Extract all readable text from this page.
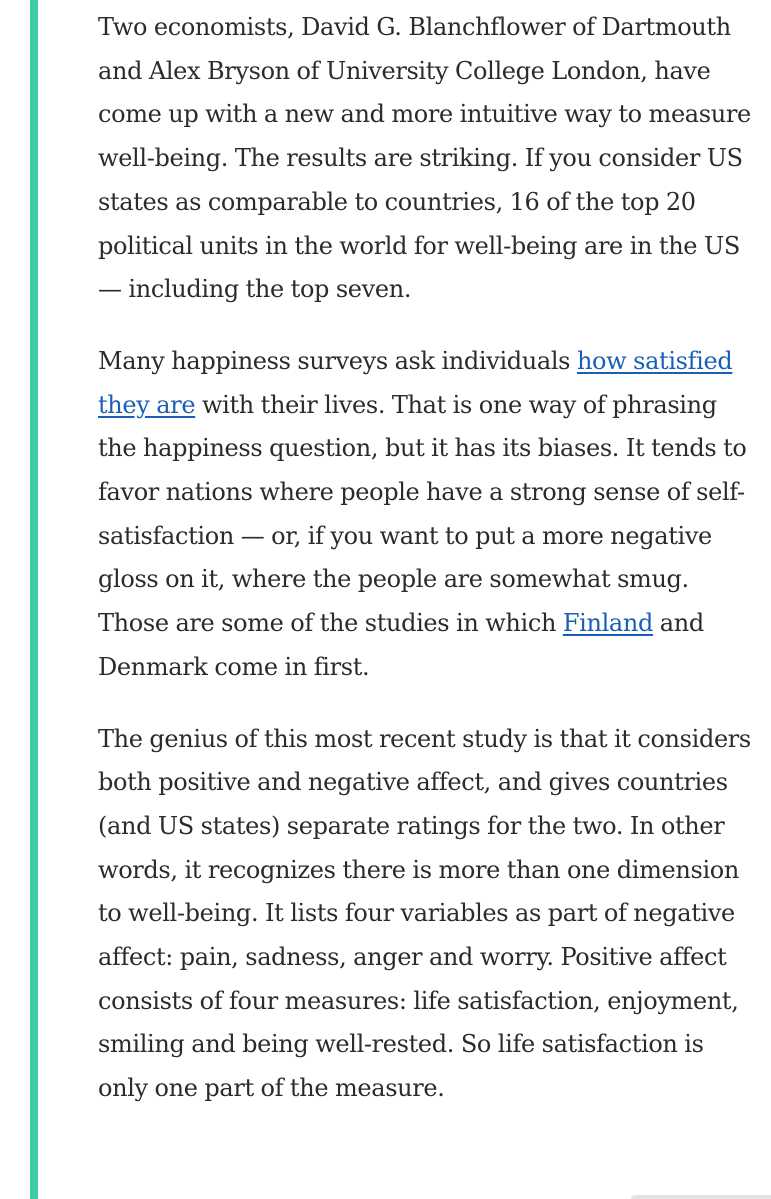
Two economists, David G. Blanchflower of Dartmouth and Alex Bryson of University College London, have come up with a new and more intuitive way to measure well-being. The results are striking. If you consider US states as comparable to countries, 16 of the top 20 political units in the world for well-being are in the US — including the top seven.

Many happiness surveys ask individuals how satisfied they are with their lives. That is one way of phrasing the happiness question, but it has its biases. It tends to favor nations where people have a strong sense of self-satisfaction — or, if you want to put a more negative gloss on it, where the people are somewhat smug. Those are some of the studies in which Finland and Denmark come in first.

The genius of this most recent study is that it considers both positive and negative affect, and gives countries (and US states) separate ratings for the two. In other words, it recognizes there is more than one dimension to well-being. It lists four variables as part of negative affect: pain, sadness, anger and worry. Positive affect consists of four measures: life satisfaction, enjoyment, smiling and being well-rested. So life satisfaction is only one part of the measure.
